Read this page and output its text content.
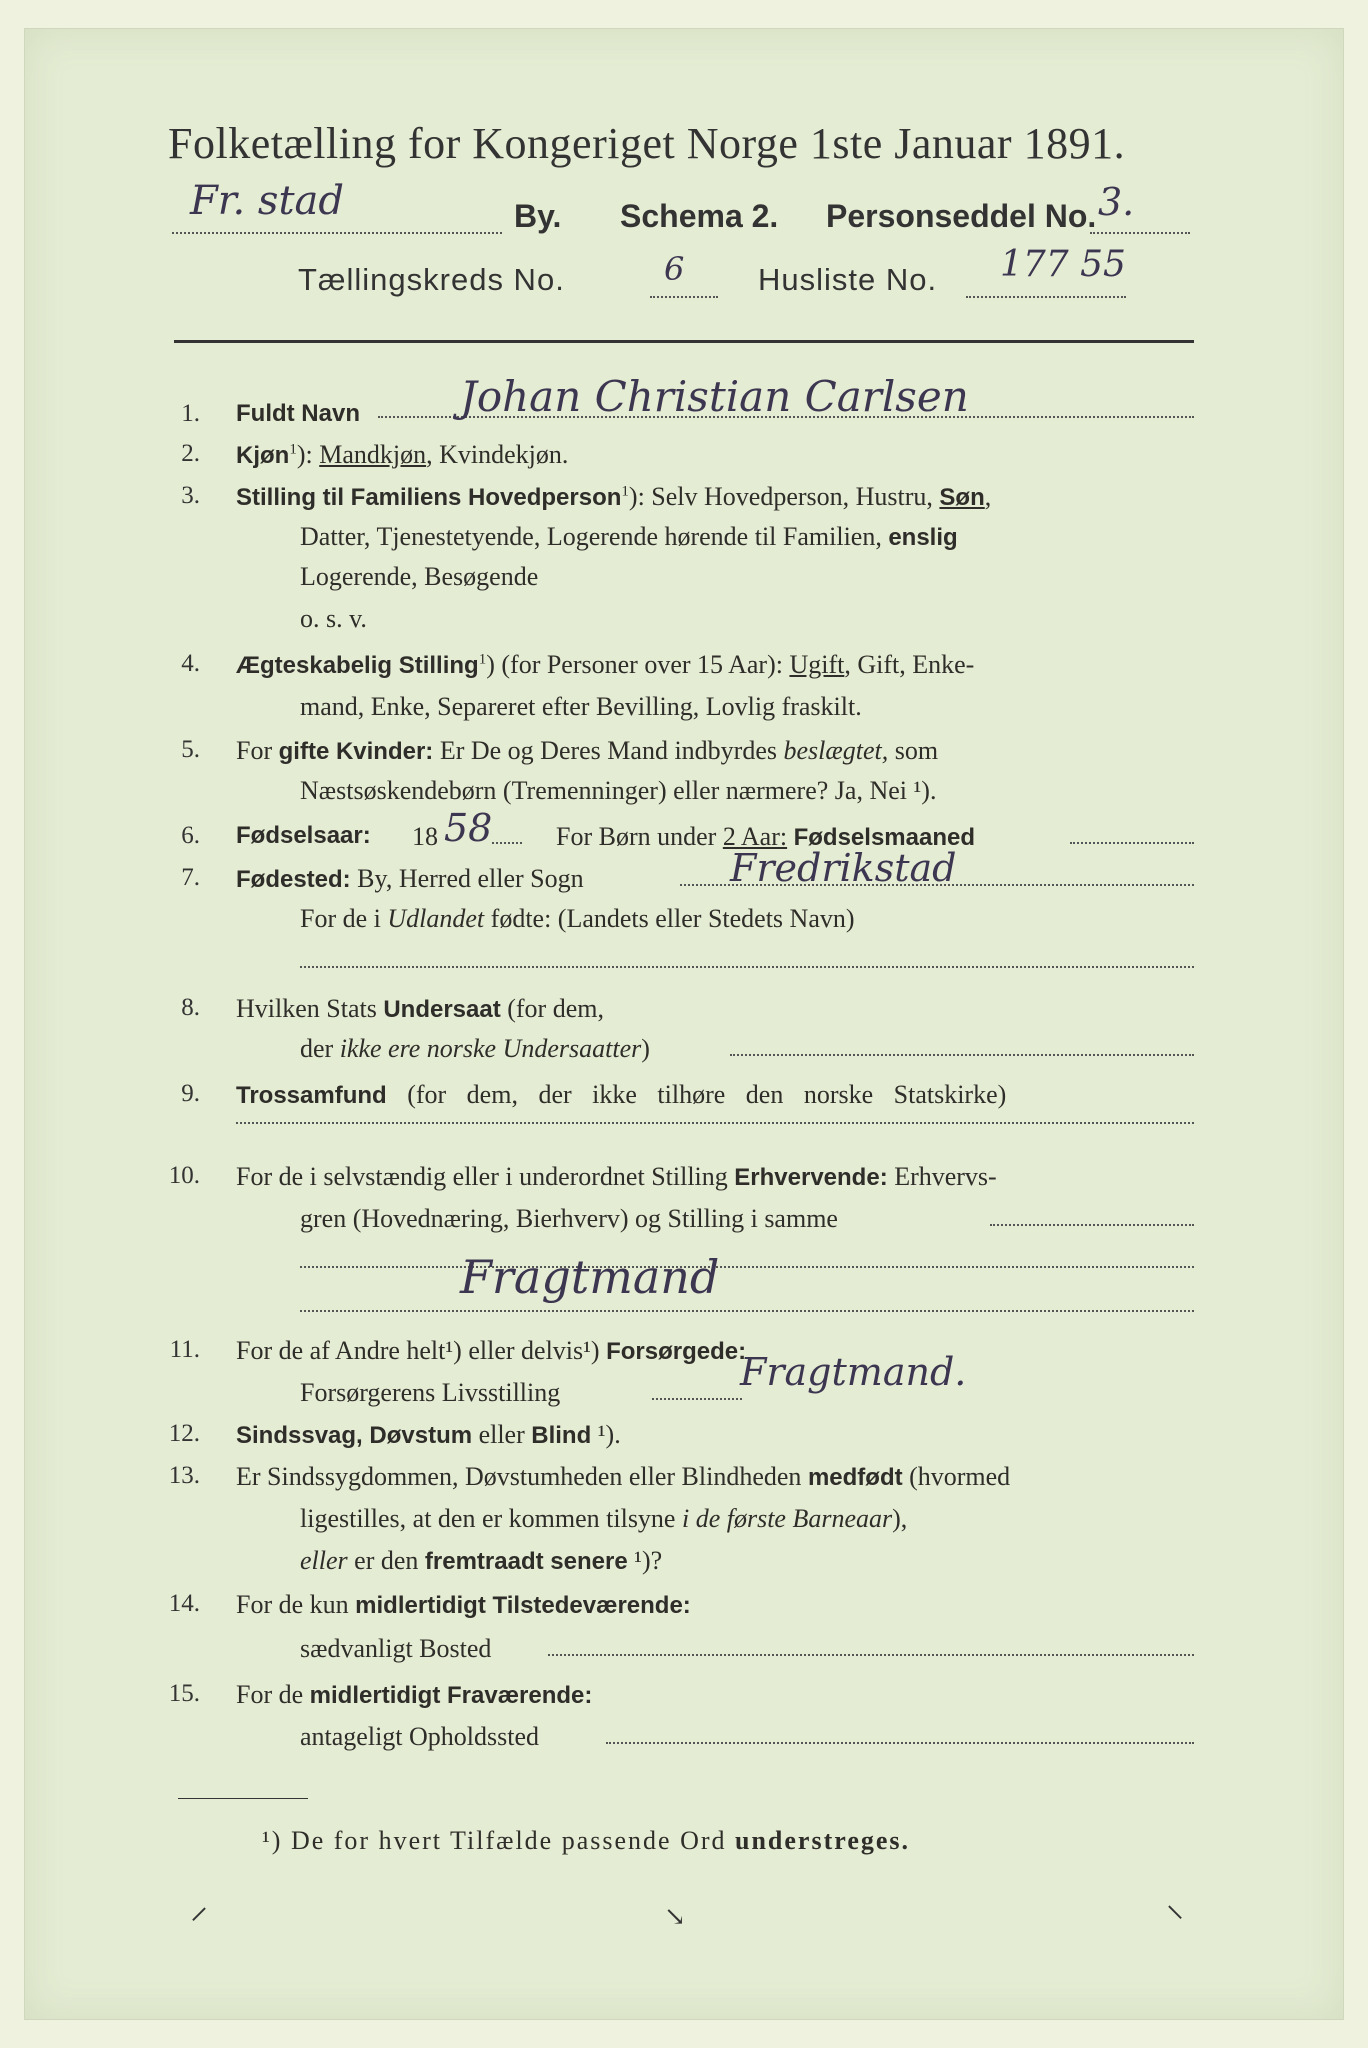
Folketælling for Kongeriget Norge 1ste Januar 1891.
Fr. stad	By. Schema 2. Personseddel No. 3.
Tællingskreds No.	6 Husliste No. 177 55
1. Fuldt Navn Johan Christian Carlsen
2. Kjøn$^1$): Mandkjøn, Kvindekjøn.
3. Stilling til Familiens Hovedperson$^1$): Selv Hovedperson, Hustru, Søn,
Datter, Tjenestetyende, Logerende hørende til Familien, enslig
Logerende, Besøgende
o. s. v.
4. Ægteskabelig Stilling$^1$) (for Personer over 15 Aar): Ugift, Gift, Enke-
mand, Enke, Separeret efter Bevilling, Lovlig fraskilt.
5. For gifte Kvinder: Er De og Deres Mand indbyrdes beslægtet, som
Næstsøskendebørn (Tremenninger) eller nærmere? Ja, Nei ¹).
6. Fødselsaar: 18 58 For Børn under 2 Aar: Fødselsmaaned
7. Fødested: By, Herred eller Sogn	Fredrikstad
For de i Udlandet fødte: (Landets eller Stedets Navn)
8. Hvilken Stats Undersaat (for dem,
der ikke ere norske Undersaatter)
9. Trossamfund (for dem, der ikke tilhøre den norske Statskirke)
10. For de i selvstændig eller i underordnet Stilling Erhvervende: Erhvervs-
gren (Hovednæring, Bierhverv) og Stilling i samme
Fragtmand
11. For de af Andre helt¹) eller delvis¹) Forsørgede:
Forsørgerens Livsstilling	Fragtmand.
12. Sindssvag, Døvstum eller Blind ¹).
13. Er Sindssygdommen, Døvstumheden eller Blindheden medfødt (hvormed
ligestilles, at den er kommen tilsyne i de første Barneaar),
eller er den fremtraadt senere ¹)?
14. For de kun midlertidigt Tilstedeværende:
sædvanligt Bosted
15. For de midlertidigt Fraværende:
antageligt Opholdssted
¹) De for hvert Tilfælde passende Ord understreges.
⸝	↘	⸜
